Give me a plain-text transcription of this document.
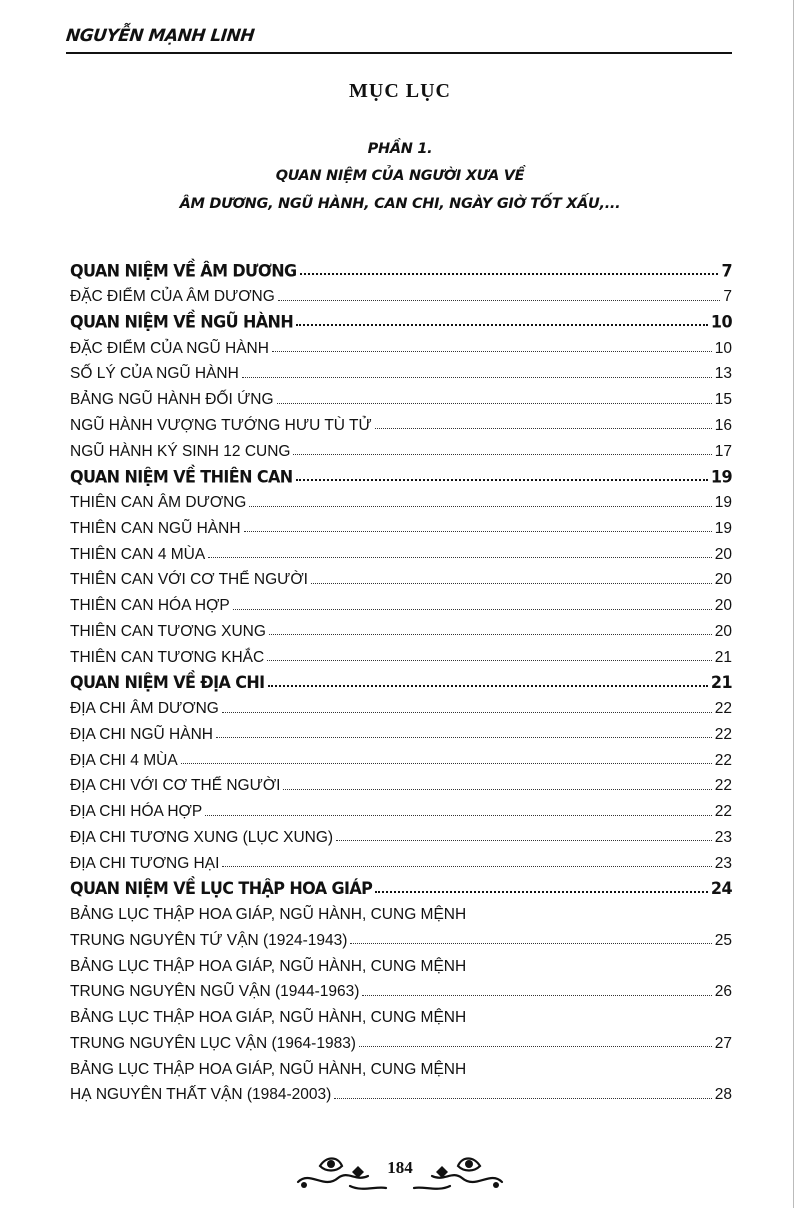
NGUYỄN MẠNH LINH
MỤC LỤC
PHẦN 1.
QUAN NIỆM CỦA NGƯỜI XƯA VỀ
ÂM DƯƠNG, NGŨ HÀNH, CAN CHI, NGÀY GIỜ TỐT XẤU,...
QUAN NIỆM VỀ ÂM DƯƠNG	7
ĐẶC ĐIỂM CỦA ÂM DƯƠNG	7
QUAN NIỆM VỀ NGŨ HÀNH	10
ĐẶC ĐIỂM CỦA NGŨ HÀNH	10
SỐ LÝ CỦA NGŨ HÀNH	13
BẢNG NGŨ HÀNH ĐỐI ỨNG	15
NGŨ HÀNH VƯỢNG TƯỚNG HƯU TÙ TỬ	16
NGŨ HÀNH KÝ SINH 12 CUNG	17
QUAN NIỆM VỀ THIÊN CAN	19
THIÊN CAN ÂM DƯƠNG	19
THIÊN CAN NGŨ HÀNH	19
THIÊN CAN 4 MÙA	20
THIÊN CAN VỚI CƠ THỂ NGƯỜI	20
THIÊN CAN HÓA HỢP	20
THIÊN CAN TƯƠNG XUNG	20
THIÊN CAN TƯƠNG KHẮC	21
QUAN NIỆM VỀ ĐỊA CHI	21
ĐỊA CHI ÂM DƯƠNG	22
ĐỊA CHI NGŨ HÀNH	22
ĐỊA CHI 4 MÙA	22
ĐỊA CHI VỚI CƠ THỂ NGƯỜI	22
ĐỊA CHI HÓA HỢP	22
ĐỊA CHI TƯƠNG XUNG (LỤC XUNG)	23
ĐỊA CHI TƯƠNG HẠI	23
QUAN NIỆM VỀ LỤC THẬP HOA GIÁP	24
BẢNG LỤC THẬP HOA GIÁP, NGŨ HÀNH, CUNG MỆNH
TRUNG NGUYÊN TỨ VẬN (1924-1943)	25
BẢNG LỤC THẬP HOA GIÁP, NGŨ HÀNH, CUNG MỆNH
TRUNG NGUYÊN NGŨ VẬN (1944-1963)	26
BẢNG LỤC THẬP HOA GIÁP, NGŨ HÀNH, CUNG MỆNH
TRUNG NGUYÊN LỤC VẬN (1964-1983)	27
BẢNG LỤC THẬP HOA GIÁP, NGŨ HÀNH, CUNG MỆNH
HẠ NGUYÊN THẤT VẬN (1984-2003)	28
184
